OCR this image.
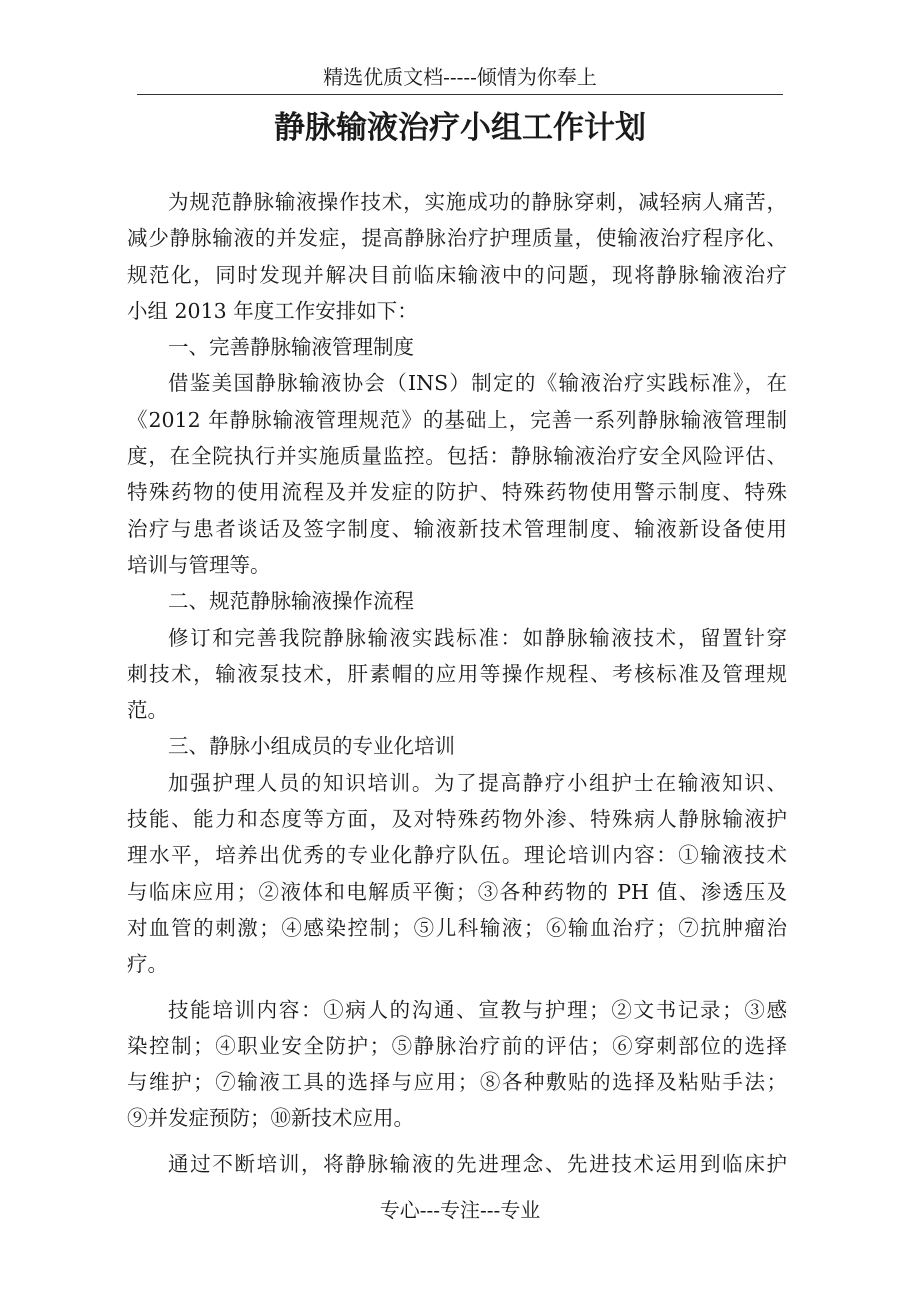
精选优质文档-----倾情为你奉上
静脉输液治疗小组工作计划
为规范静脉输液操作技术，实施成功的静脉穿刺，减轻病人痛苦，
减少静脉输液的并发症，提高静脉治疗护理质量，使输液治疗程序化、
规范化，同时发现并解决目前临床输液中的问题，现将静脉输液治疗
小组 2013 年度工作安排如下：
一、完善静脉输液管理制度
借鉴美国静脉输液协会（INS）制定的《输液治疗实践标准》，在
《2012 年静脉输液管理规范》的基础上，完善一系列静脉输液管理制
度，在全院执行并实施质量监控。包括：静脉输液治疗安全风险评估、
特殊药物的使用流程及并发症的防护、特殊药物使用警示制度、特殊
治疗与患者谈话及签字制度、输液新技术管理制度、输液新设备使用
培训与管理等。
二、规范静脉输液操作流程
修订和完善我院静脉输液实践标准：如静脉输液技术，留置针穿
刺技术，输液泵技术，肝素帽的应用等操作规程、考核标准及管理规
范。
三、静脉小组成员的专业化培训
加强护理人员的知识培训。为了提高静疗小组护士在输液知识、
技能、能力和态度等方面，及对特殊药物外渗、特殊病人静脉输液护
理水平，培养出优秀的专业化静疗队伍。理论培训内容：①输液技术
与临床应用；②液体和电解质平衡；③各种药物的 PH 值、渗透压及
对血管的刺激；④感染控制；⑤儿科输液；⑥输血治疗；⑦抗肿瘤治
疗。
技能培训内容：①病人的沟通、宣教与护理；②文书记录；③感
染控制；④职业安全防护；⑤静脉治疗前的评估；⑥穿刺部位的选择
与维护；⑦输液工具的选择与应用；⑧各种敷贴的选择及粘贴手法；
⑨并发症预防；⑩新技术应用。
通过不断培训，将静脉输液的先进理念、先进技术运用到临床护
专心---专注---专业
